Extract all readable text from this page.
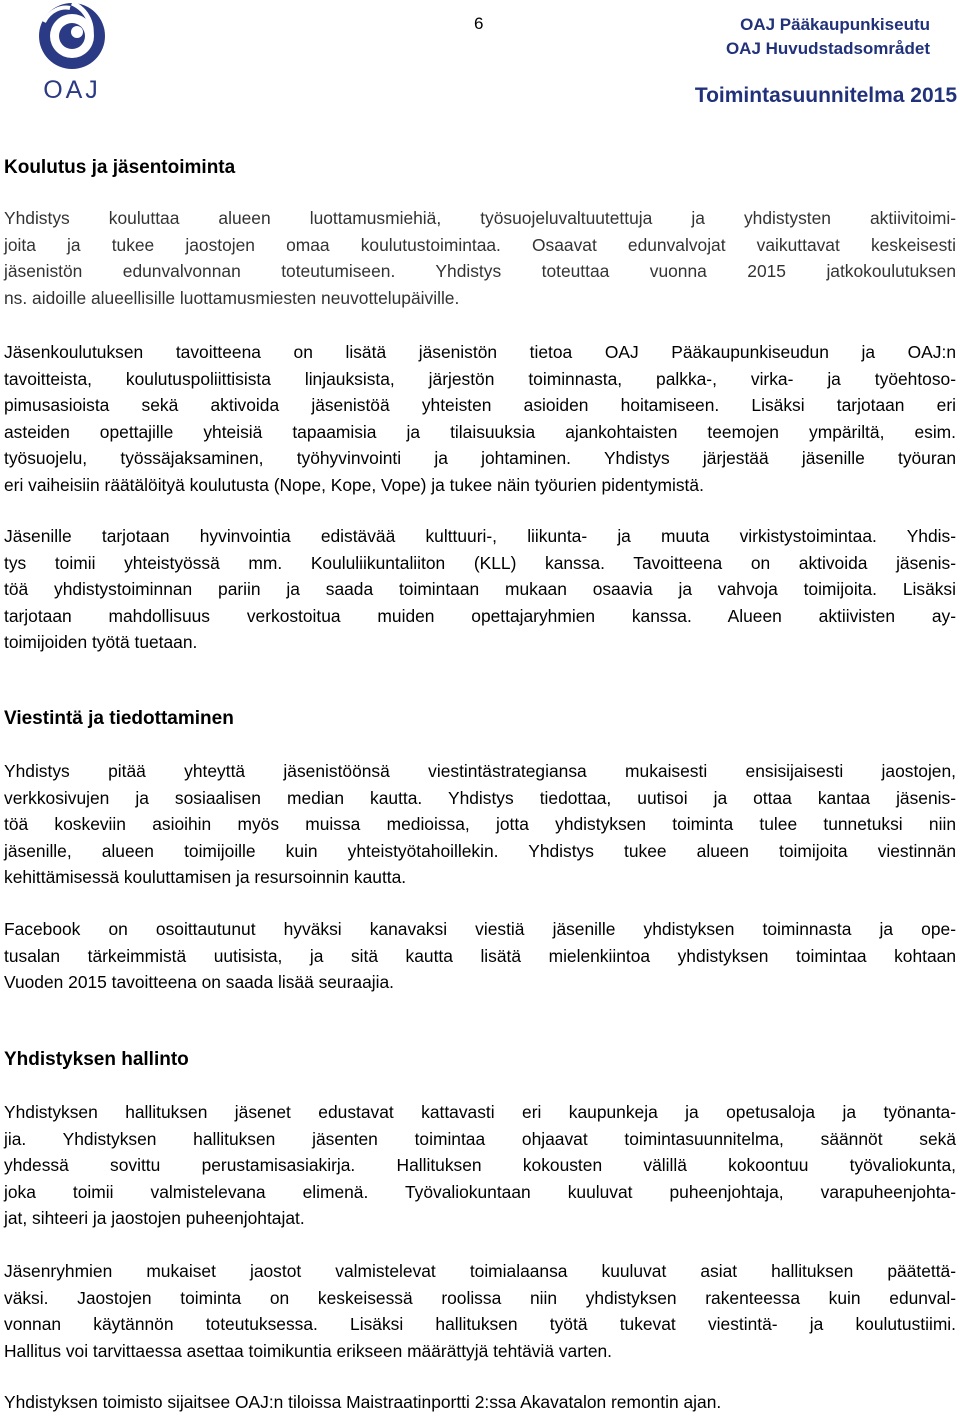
OAJ
6	OAJ Pääkaupunkiseutu
OAJ Huvudstadsområdet
Toimintasuunnitelma 2015
Koulutus ja jäsentoiminta
Yhdistys kouluttaa alueen luottamusmiehiä, työsuojeluvaltuutettuja ja yhdistysten aktiivitoimi-
joita ja tukee jaostojen omaa koulutustoimintaa. Osaavat edunvalvojat vaikuttavat keskeisesti
jäsenistön edunvalvonnan toteutumiseen. Yhdistys toteuttaa vuonna 2015 jatkokoulutuksen
ns. aidoille alueellisille luottamusmiesten neuvottelupäiville.
Jäsenkoulutuksen tavoitteena on lisätä jäsenistön tietoa OAJ Pääkaupunkiseudun ja OAJ:n
tavoitteista, koulutuspoliittisista linjauksista, järjestön toiminnasta, palkka-, virka- ja työehtoso-
pimusasioista sekä aktivoida jäsenistöä yhteisten asioiden hoitamiseen. Lisäksi tarjotaan eri
asteiden opettajille yhteisiä tapaamisia ja tilaisuuksia ajankohtaisten teemojen ympäriltä, esim.
työsuojelu, työssäjaksaminen, työhyvinvointi ja johtaminen. Yhdistys järjestää jäsenille työuran
eri vaiheisiin räätälöityä koulutusta (Nope, Kope, Vope) ja tukee näin työurien pidentymistä.
Jäsenille tarjotaan hyvinvointia edistävää kulttuuri-, liikunta- ja muuta virkistystoimintaa. Yhdis-
tys toimii yhteistyössä mm. Koululiikuntaliiton (KLL) kanssa. Tavoitteena on aktivoida jäsenis-
töä yhdistystoiminnan pariin ja saada toimintaan mukaan osaavia ja vahvoja toimijoita. Lisäksi
tarjotaan mahdollisuus verkostoitua muiden opettajaryhmien kanssa. Alueen aktiivisten ay-
toimijoiden työtä tuetaan.
Viestintä ja tiedottaminen
Yhdistys pitää yhteyttä jäsenistöönsä viestintästrategiansa mukaisesti ensisijaisesti jaostojen,
verkkosivujen ja sosiaalisen median kautta. Yhdistys tiedottaa, uutisoi ja ottaa kantaa jäsenis-
töä koskeviin asioihin myös muissa medioissa, jotta yhdistyksen toiminta tulee tunnetuksi niin
jäsenille, alueen toimijoille kuin yhteistyötahoillekin. Yhdistys tukee alueen toimijoita viestinnän
kehittämisessä kouluttamisen ja resursoinnin kautta.
Facebook on osoittautunut hyväksi kanavaksi viestiä jäsenille yhdistyksen toiminnasta ja ope-
tusalan tärkeimmistä uutisista, ja sitä kautta lisätä mielenkiintoa yhdistyksen toimintaa kohtaan
Vuoden 2015 tavoitteena on saada lisää seuraajia.
Yhdistyksen hallinto
Yhdistyksen hallituksen jäsenet edustavat kattavasti eri kaupunkeja ja opetusaloja ja työnanta-
jia. Yhdistyksen hallituksen jäsenten toimintaa ohjaavat toimintasuunnitelma, säännöt sekä
yhdessä sovittu perustamisasiakirja. Hallituksen kokousten välillä kokoontuu työvaliokunta,
joka toimii valmistelevana elimenä. Työvaliokuntaan kuuluvat puheenjohtaja, varapuheenjohta-
jat, sihteeri ja jaostojen puheenjohtajat.
Jäsenryhmien mukaiset jaostot valmistelevat toimialaansa kuuluvat asiat hallituksen päätettä-
väksi. Jaostojen toiminta on keskeisessä roolissa niin yhdistyksen rakenteessa kuin edunval-
vonnan käytännön toteutuksessa. Lisäksi hallituksen työtä tukevat viestintä- ja koulutustiimi.
Hallitus voi tarvittaessa asettaa toimikuntia erikseen määrättyjä tehtäviä varten.
Yhdistyksen toimisto sijaitsee OAJ:n tiloissa Maistraatinportti 2:ssa Akavatalon remontin ajan.
